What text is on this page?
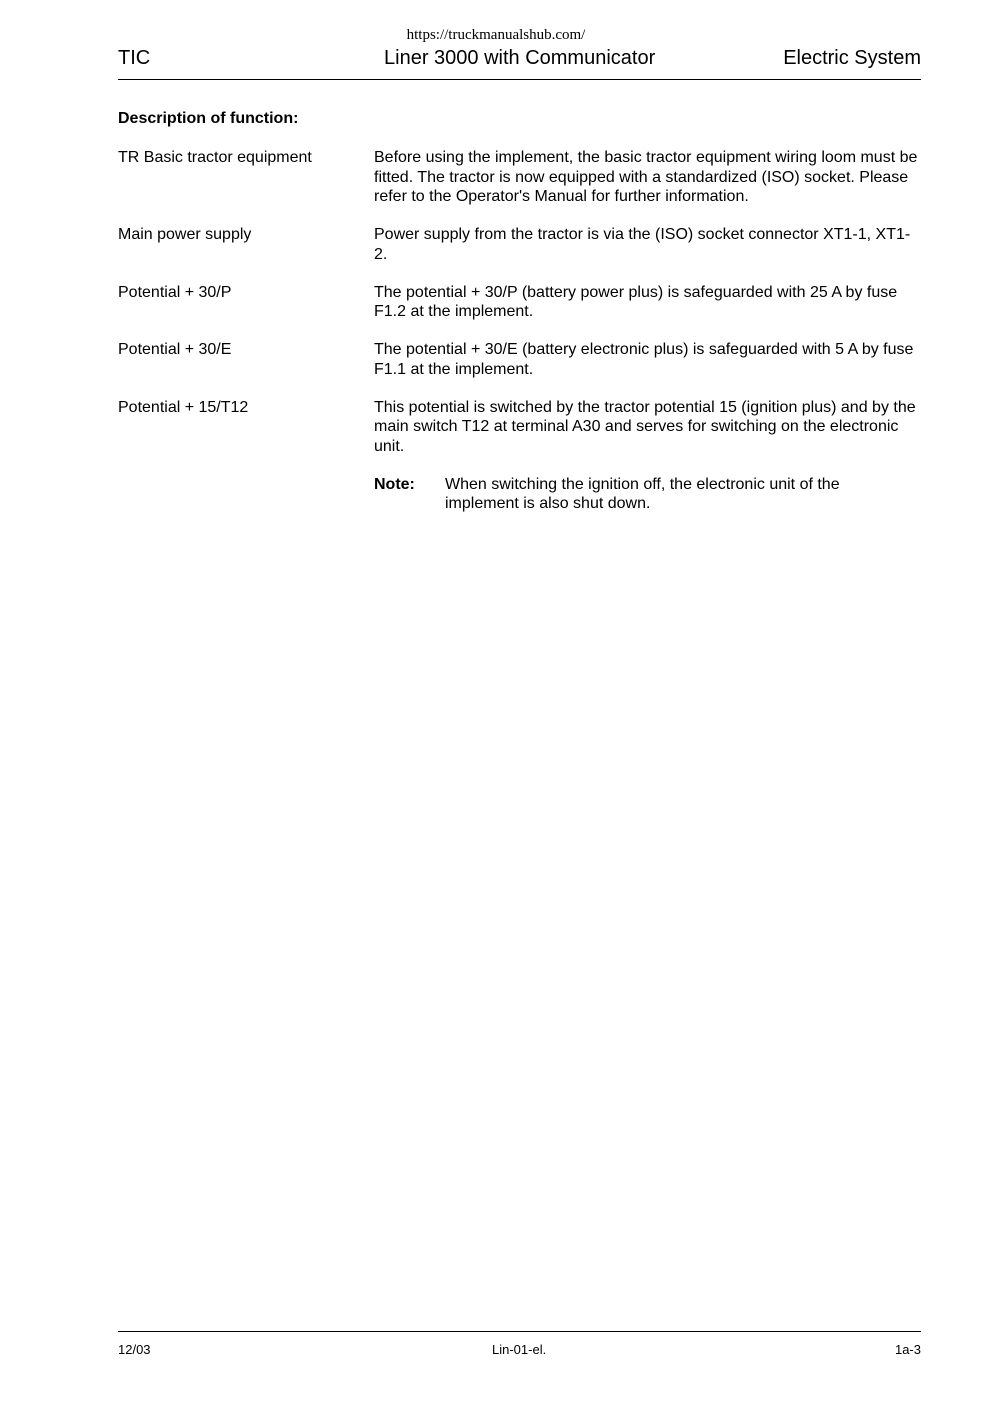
https://truckmanualshub.com/
TIC	Liner 3000 with Communicator	Electric System
Description of function:
TR Basic tractor equipment	Before using the implement, the basic tractor equipment wiring loom must be fitted. The tractor is now equipped with a standardized (ISO) socket. Please refer to the Operator's Manual for further information.
Main power supply	Power supply from the tractor is via the (ISO) socket connector XT1-1, XT1-2.
Potential + 30/P	The potential + 30/P (battery power plus) is safeguarded with 25 A by fuse F1.2 at the implement.
Potential + 30/E	The potential + 30/E (battery electronic plus) is safeguarded with 5 A by fuse F1.1 at the implement.
Potential + 15/T12	This potential is switched by the tractor potential 15 (ignition plus) and by the main switch T12 at terminal A30 and serves for switching on the electronic unit.
Note:	When switching the ignition off, the electronic unit of the implement is also shut down.
12/03	Lin-01-el.	1a-3
